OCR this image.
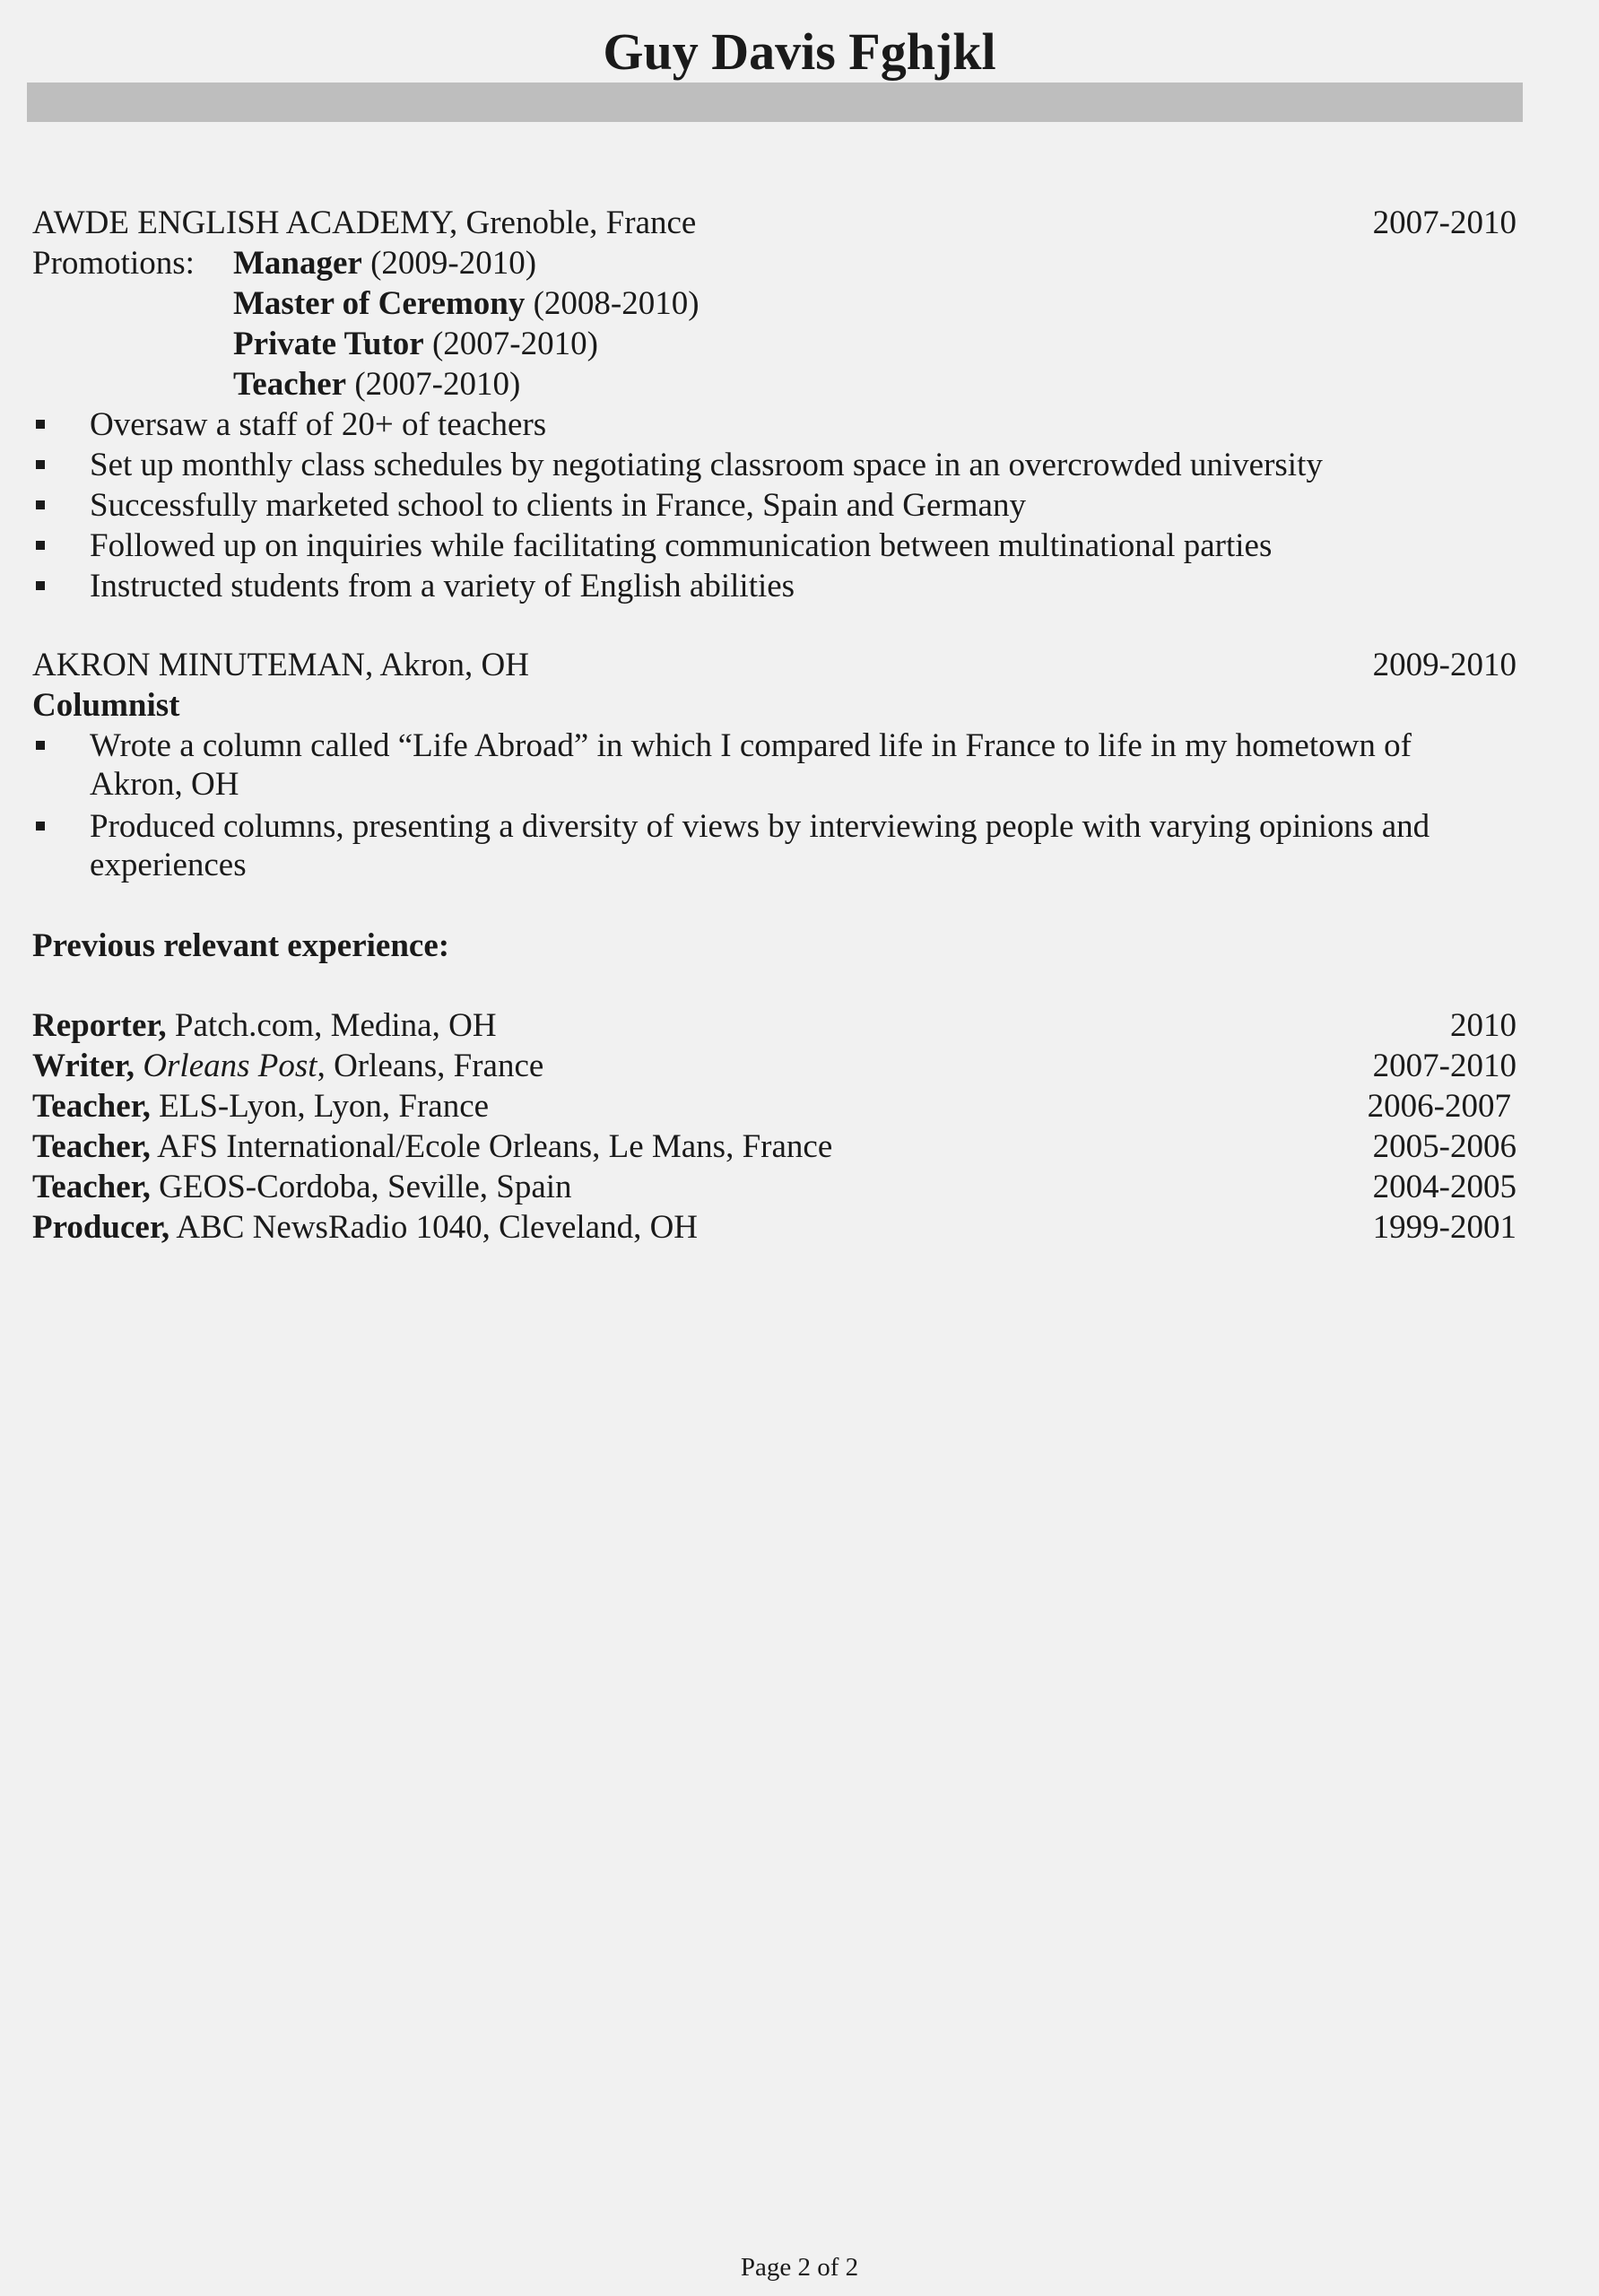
Guy Davis Fghjkl
AWDE ENGLISH ACADEMY, Grenoble, France	2007-2010
Promotions: Manager (2009-2010)
Master of Ceremony (2008-2010)
Private Tutor (2007-2010)
Teacher (2007-2010)
Oversaw a staff of 20+ of teachers
Set up monthly class schedules by negotiating classroom space in an overcrowded university
Successfully marketed school to clients in France, Spain and Germany
Followed up on inquiries while facilitating communication between multinational parties
Instructed students from a variety of English abilities
AKRON MINUTEMAN, Akron, OH	2009-2010
Columnist
Wrote a column called “Life Abroad” in which I compared life in France to life in my hometown of
Akron, OH
Produced columns, presenting a diversity of views by interviewing people with varying opinions and
experiences
Previous relevant experience:
Reporter, Patch.com, Medina, OH	2010
Writer, Orleans Post, Orleans, France	2007-2010
Teacher, ELS-Lyon, Lyon, France	2006-2007
Teacher, AFS International/Ecole Orleans, Le Mans, France	2005-2006
Teacher, GEOS-Cordoba, Seville, Spain	2004-2005
Producer, ABC NewsRadio 1040, Cleveland, OH	1999-2001
Page 2 of 2
